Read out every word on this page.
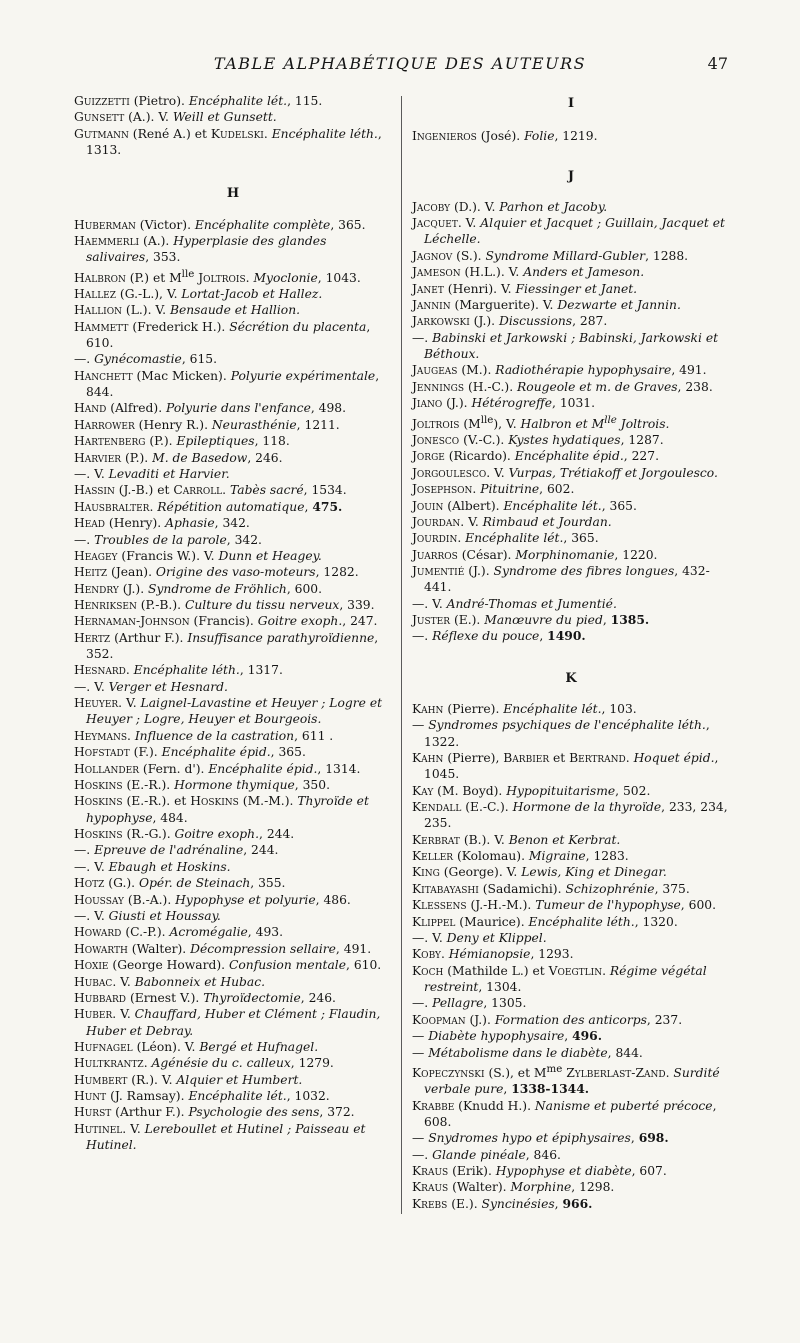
TABLE ALPHABÉTIQUE DES AUTEURS	47

Guizzetti (Pietro). Encéphalite lét., 115.

Gunsett (A.). V. Weill et Gunsett.

Gutmann (René A.) et Kudelski. Encéphalite léth., 1313.

H

Huberman (Victor). Encéphalite complète, 365.

Haemmerli (A.). Hyperplasie des glandes salivaires, 353.

Halbron (P.) et $M^{lle}$ Joltrois. Myoclonie, 1043.

Hallez (G.-L.), V. Lortat-Jacob et Hallez.

Hallion (L.). V. Bensaude et Hallion.

Hammett (Frederick H.). Sécrétion du placenta, 610.

—. Gynécomastie, 615.

Hanchett (Mac Micken). Polyurie expérimentale, 844.

Hand (Alfred). Polyurie dans l'enfance, 498.

Harrower (Henry R.). Neurasthénie, 1211.

Hartenberg (P.). Epileptiques, 118.

Harvier (P.). M. de Basedow, 246.

—. V. Levaditi et Harvier.

Hassin (J.-B.) et Carroll. Tabès sacré, 1534.

Hausbralter. Répétition automatique, 475.

Head (Henry). Aphasie, 342.

—. Troubles de la parole, 342.

Heagey (Francis W.). V. Dunn et Heagey.

Heitz (Jean). Origine des vaso-moteurs, 1282.

Hendry (J.). Syndrome de Fröhlich, 600.

Henriksen (P.-B.). Culture du tissu nerveux, 339.

Hernaman-Johnson (Francis). Goitre exoph., 247.

Hertz (Arthur F.). Insuffisance parathyroïdienne, 352.

Hesnard. Encéphalite léth., 1317.

—. V. Verger et Hesnard.

Heuyer. V. Laignel-Lavastine et Heuyer ; Logre et Heuyer ; Logre, Heuyer et Bourgeois.

Heymans. Influence de la castration, 611 .

Hofstadt (F.). Encéphalite épid., 365.

Hollander (Fern. d'). Encéphalite épid., 1314.

Hoskins (E.-R.). Hormone thymique, 350.

Hoskins (E.-R.). et Hoskins (M.-M.). Thyroïde et hypophyse, 484.

Hoskins (R.-G.). Goitre exoph., 244.

—. Epreuve de l'adrénaline, 244.

—. V. Ebaugh et Hoskins.

Hotz (G.). Opér. de Steinach, 355.

Houssay (B.-A.). Hypophyse et polyurie, 486.

—. V. Giusti et Houssay.

Howard (C.-P.). Acromégalie, 493.

Howarth (Walter). Décompression sellaire, 491.

Hoxie (George Howard). Confusion mentale, 610.

Hubac. V. Babonneix et Hubac.

Hubbard (Ernest V.). Thyroïdectomie, 246.

Huber. V. Chauffard, Huber et Clément ; Flaudin, Huber et Debray.

Hufnagel (Léon). V. Bergé et Hufnagel.

Hultkrantz. Agénésie du c. calleux, 1279.

Humbert (R.). V. Alquier et Humbert.

Hunt (J. Ramsay). Encéphalite lét., 1032.

Hurst (Arthur F.). Psychologie des sens, 372.

Hutinel. V. Lereboullet et Hutinel ; Paisseau et Hutinel.

I

Ingenieros (José). Folie, 1219.

J

Jacoby (D.). V. Parhon et Jacoby.

Jacquet. V. Alquier et Jacquet ; Guillain, Jacquet et Léchelle.

Jagnov (S.). Syndrome Millard-Gubler, 1288.

Jameson (H.L.). V. Anders et Jameson.

Janet (Henri). V. Fiessinger et Janet.

Jannin (Marguerite). V. Dezwarte et Jannin.

Jarkowski (J.). Discussions, 287.

—. Babinski et Jarkowski ; Babinski, Jarkowski et Béthoux.

Jaugeas (M.). Radiothérapie hypophysaire, 491.

Jennings (H.-C.). Rougeole et m. de Graves, 238.

Jiano (J.). Hétérogreffe, 1031.

Joltrois $(M^{lle})$, V. Halbron et $M^{lle}$ Joltrois.

Jonesco (V.-C.). Kystes hydatiques, 1287.

Jorge (Ricardo). Encéphalite épid., 227.

Jorgoulesco. V. Vurpas, Trétiakoff et Jorgoulesco.

Josephson. Pituitrine, 602.

Jouin (Albert). Encéphalite lét., 365.

Jourdan. V. Rimbaud et Jourdan.

Jourdin. Encéphalite lét., 365.

Juarros (César). Morphinomanie, 1220.

Jumentié (J.). Syndrome des fibres longues, 432-441.

—. V. André-Thomas et Jumentié.

Juster (E.). Manœuvre du pied, 1385.

—. Réflexe du pouce, 1490.

K

Kahn (Pierre). Encéphalite lét., 103.

— Syndromes psychiques de l'encéphalite léth., 1322.

Kahn (Pierre), Barbier et Bertrand. Hoquet épid., 1045.

Kay (M. Boyd). Hypopituitarisme, 502.

Kendall (E.-C.). Hormone de la thyroïde, 233, 234, 235.

Kerbrat (B.). V. Benon et Kerbrat.

Keller (Kolomau). Migraine, 1283.

King (George). V. Lewis, King et Dinegar.

Kitabayashi (Sadamichi). Schizophrénie, 375.

Klessens (J.-H.-M.). Tumeur de l'hypophyse, 600.

Klippel (Maurice). Encéphalite léth., 1320.

—. V. Deny et Klippel.

Koby. Hémianopsie, 1293.

Koch (Mathilde L.) et Voegtlin. Régime végétal restreint, 1304.

—. Pellagre, 1305.

Koopman (J.). Formation des anticorps, 237.

— Diabète hypophysaire, 496.

— Métabolisme dans le diabète, 844.

Kopeczynski (S.), et $M^{me}$ Zylberlast-Zand. Surdité verbale pure, 1338-1344.

Krabbe (Knudd H.). Nanisme et puberté précoce, 608.

— Snydromes hypo et épiphysaires, 698.

—. Glande pinéale, 846.

Kraus (Erik). Hypophyse et diabète, 607.

Kraus (Walter). Morphine, 1298.

Krebs (E.). Syncinésies, 966.
